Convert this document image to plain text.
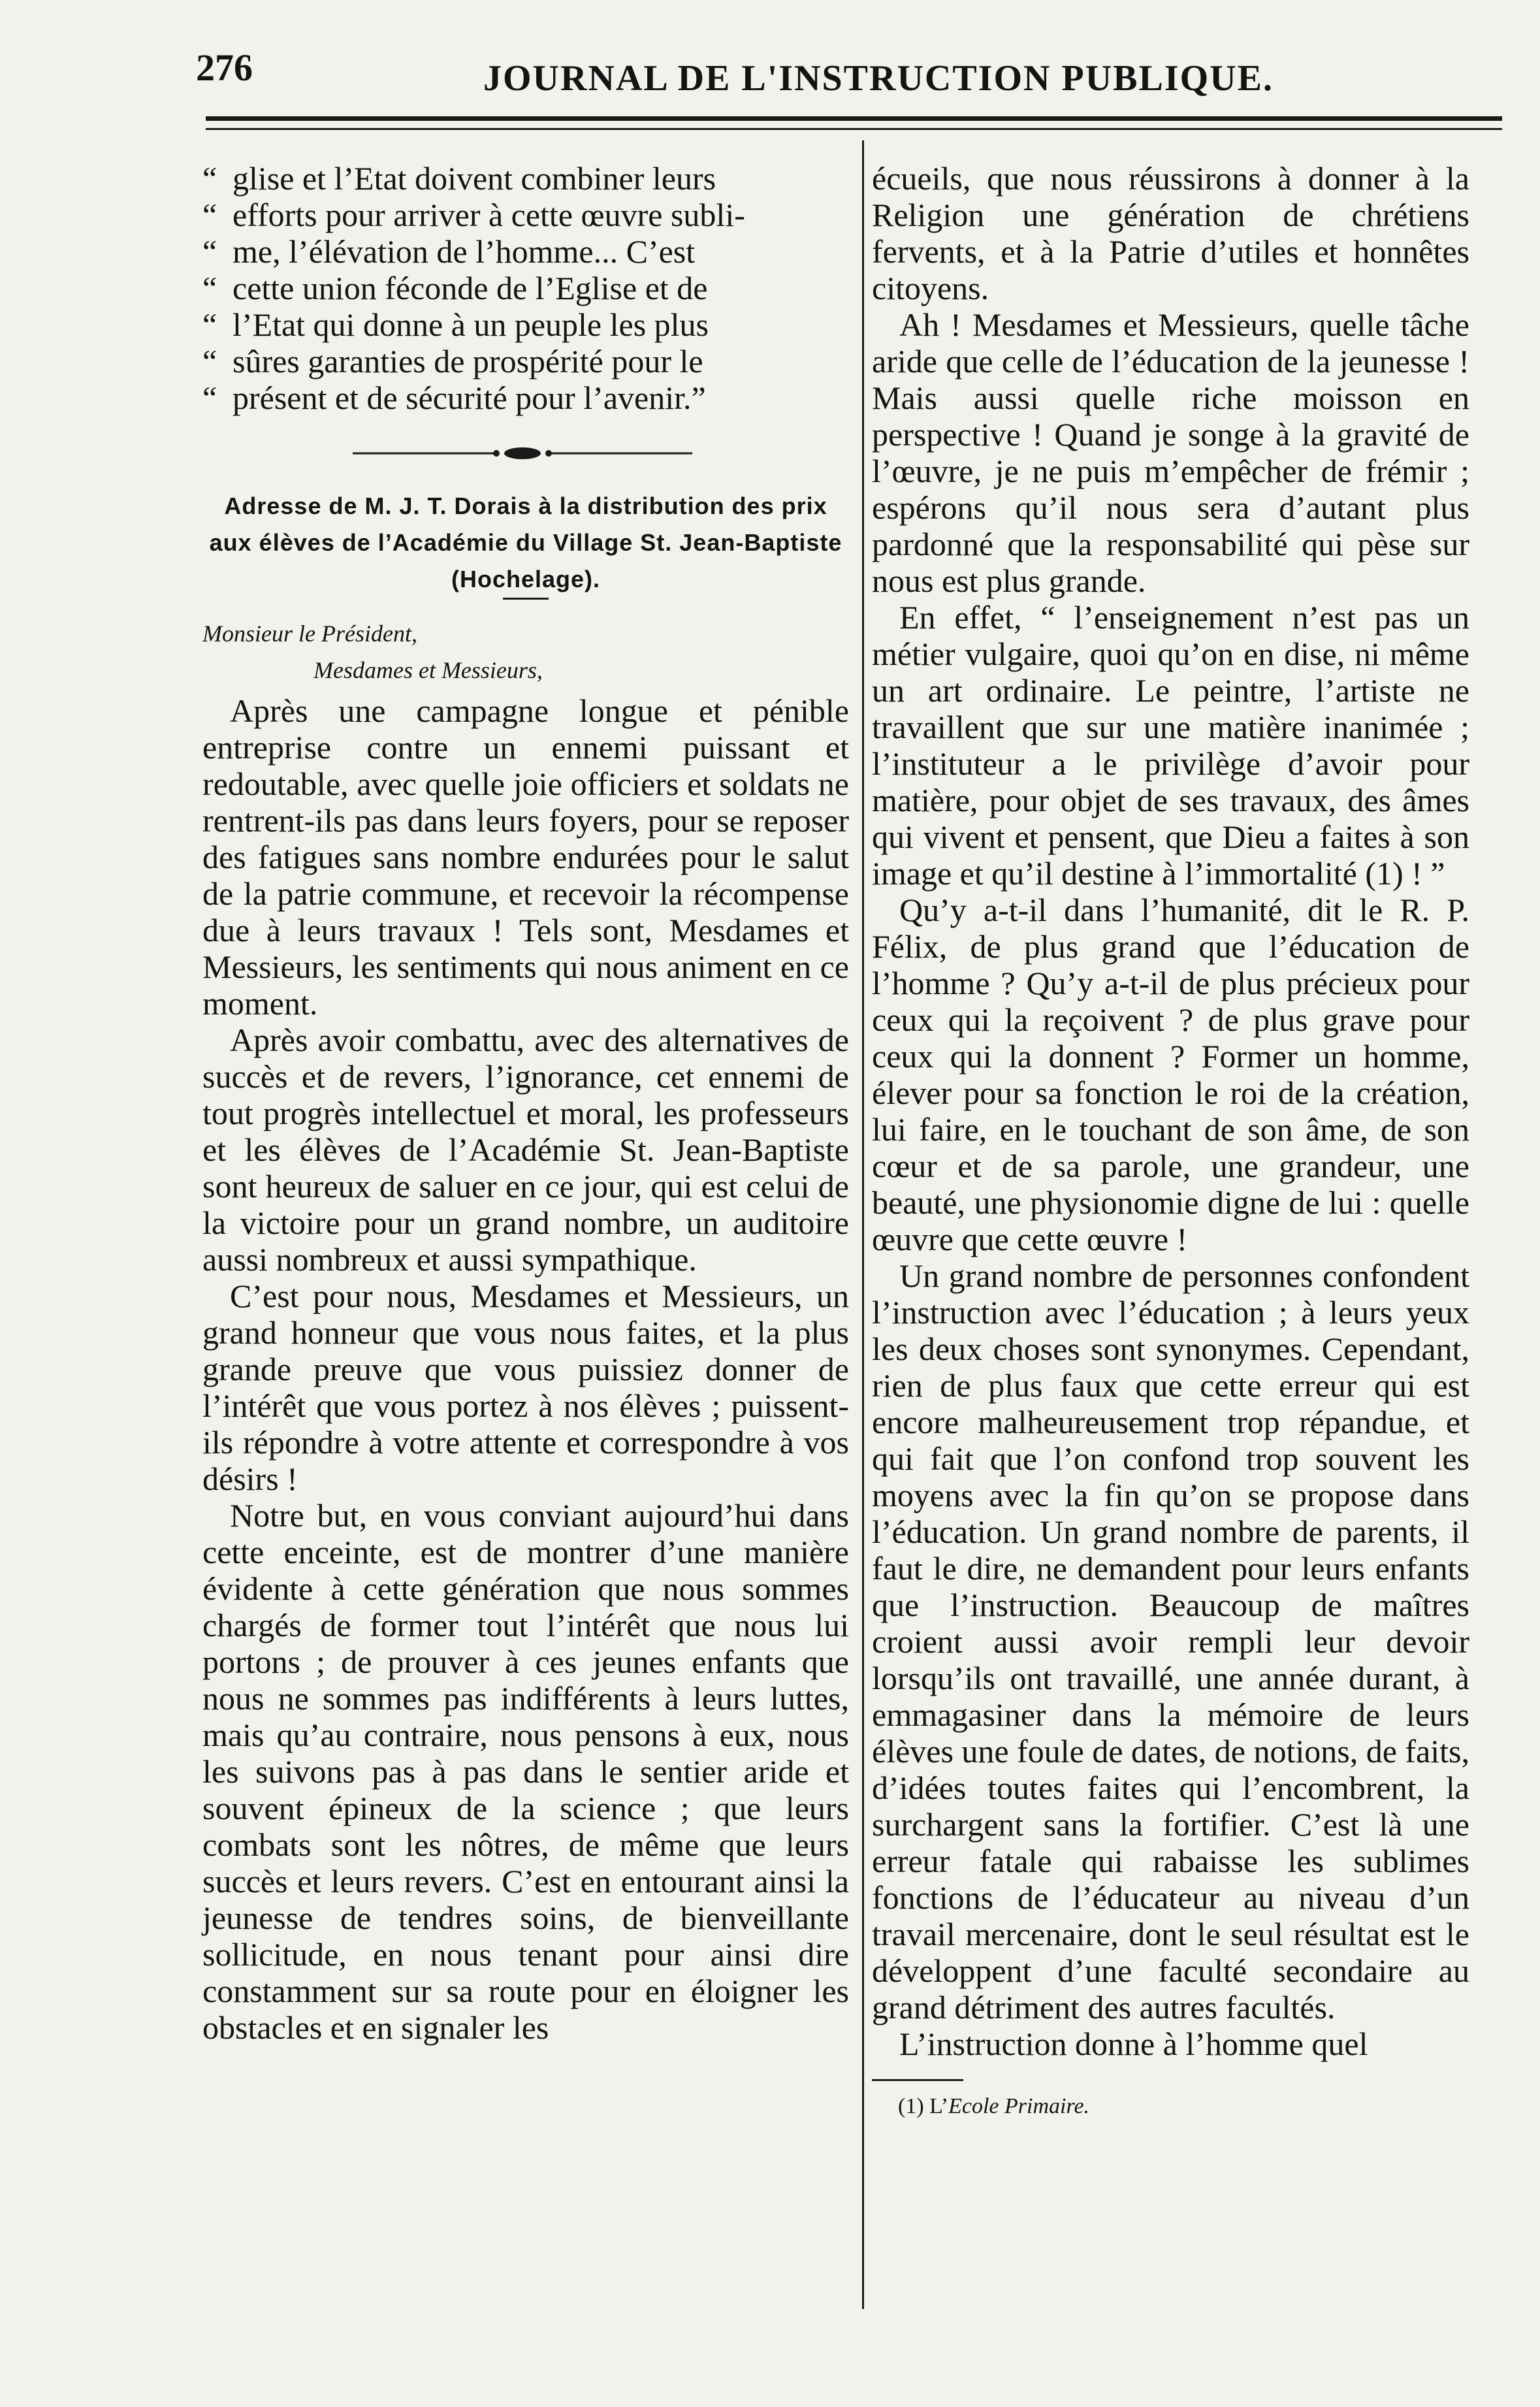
276	JOURNAL DE L'INSTRUCTION PUBLIQUE.
“ glise et l’Etat doivent combiner leurs
“ efforts pour arriver à cette œuvre subli-
“ me, l’élévation de l’homme... C’est
“ cette union féconde de l’Eglise et de
“ l’Etat qui donne à un peuple les plus
“ sûres garanties de prospérité pour le
“ présent et de sécurité pour l’avenir.”

Adresse de M. J. T. Dorais à la distribution des prix aux élèves de l’Académie du Village St. Jean-Baptiste (Hochelage).

Monsieur le Président,

Mesdames et Messieurs,

Après une campagne longue et pénible entreprise contre un ennemi puissant et redoutable, avec quelle joie officiers et soldats ne rentrent-ils pas dans leurs foyers, pour se reposer des fatigues sans nombre endurées pour le salut de la patrie commune, et recevoir la récompense due à leurs travaux ! Tels sont, Mesdames et Messieurs, les sentiments qui nous animent en ce moment.

Après avoir combattu, avec des alternatives de succès et de revers, l’ignorance, cet ennemi de tout progrès intellectuel et moral, les professeurs et les élèves de l’Académie St. Jean-Baptiste sont heureux de saluer en ce jour, qui est celui de la victoire pour un grand nombre, un auditoire aussi nombreux et aussi sympathique.

C’est pour nous, Mesdames et Messieurs, un grand honneur que vous nous faites, et la plus grande preuve que vous puissiez donner de l’intérêt que vous portez à nos élèves ; puissent-ils répondre à votre attente et correspondre à vos désirs !

Notre but, en vous conviant aujourd’hui dans cette enceinte, est de montrer d’une manière évidente à cette génération que nous sommes chargés de former tout l’intérêt que nous lui portons ; de prouver à ces jeunes enfants que nous ne sommes pas indifférents à leurs luttes, mais qu’au contraire, nous pensons à eux, nous les suivons pas à pas dans le sentier aride et souvent épineux de la science ; que leurs combats sont les nôtres, de même que leurs succès et leurs revers. C’est en entourant ainsi la jeunesse de tendres soins, de bienveillante sollicitude, en nous tenant pour ainsi dire constamment sur sa route pour en éloigner les obstacles et en signaler les

écueils, que nous réussirons à donner à la Religion une génération de chrétiens fervents, et à la Patrie d’utiles et honnêtes citoyens.

Ah ! Mesdames et Messieurs, quelle tâche aride que celle de l’éducation de la jeunesse ! Mais aussi quelle riche moisson en perspective ! Quand je songe à la gravité de l’œuvre, je ne puis m’empêcher de frémir ; espérons qu’il nous sera d’autant plus pardonné que la responsabilité qui pèse sur nous est plus grande.

En effet, “ l’enseignement n’est pas un métier vulgaire, quoi qu’on en dise, ni même un art ordinaire. Le peintre, l’artiste ne travaillent que sur une matière inanimée ; l’instituteur a le privilège d’avoir pour matière, pour objet de ses travaux, des âmes qui vivent et pensent, que Dieu a faites à son image et qu’il destine à l’immortalité (1) ! ”

Qu’y a-t-il dans l’humanité, dit le R. P. Félix, de plus grand que l’éducation de l’homme ? Qu’y a-t-il de plus précieux pour ceux qui la reçoivent ? de plus grave pour ceux qui la donnent ? Former un homme, élever pour sa fonction le roi de la création, lui faire, en le touchant de son âme, de son cœur et de sa parole, une grandeur, une beauté, une physionomie digne de lui : quelle œuvre que cette œuvre !

Un grand nombre de personnes confondent l’instruction avec l’éducation ; à leurs yeux les deux choses sont synonymes. Cependant, rien de plus faux que cette erreur qui est encore malheureusement trop répandue, et qui fait que l’on confond trop souvent les moyens avec la fin qu’on se propose dans l’éducation. Un grand nombre de parents, il faut le dire, ne demandent pour leurs enfants que l’instruction. Beaucoup de maîtres croient aussi avoir rempli leur devoir lorsqu’ils ont travaillé, une année durant, à emmagasiner dans la mémoire de leurs élèves une foule de dates, de notions, de faits, d’idées toutes faites qui l’encombrent, la surchargent sans la fortifier. C’est là une erreur fatale qui rabaisse les sublimes fonctions de l’éducateur au niveau d’un travail mercenaire, dont le seul résultat est le développent d’une faculté secondaire au grand détriment des autres facultés.

L’instruction donne à l’homme quel

(1) L’Ecole Primaire.
